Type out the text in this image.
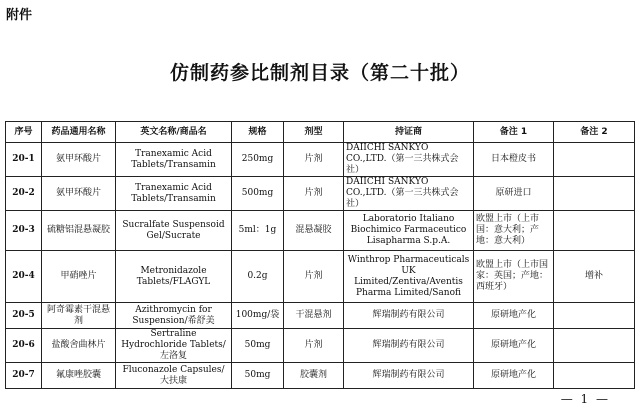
附件
仿制药参比制剂目录（第二十批）
序号	药品通用名称	英文名称/商品名	规格	剂型	持证商	备注 1	备注 2
20-1	氨甲环酸片	Tranexamic Acid Tablets/Transamin	250mg	片剂	DAIICHI SANKYO CO.,LTD.（第一三共株式会社）	日本橙皮书	
20-2	氨甲环酸片	Tranexamic Acid Tablets/Transamin	500mg	片剂	DAIICHI SANKYO CO.,LTD.（第一三共株式会社）	原研进口	
20-3	硫糖铝混悬凝胶	Sucralfate Suspensoid Gel/Sucrate	5ml：1g	混悬凝胶	Laboratorio Italiano Biochimico Farmaceutico Lisapharma S.p.A.	欧盟上市（上市国：意大利；产地：意大利）	
20-4	甲硝唑片	Metronidazole Tablets/FLAGYL	0.2g	片剂	Winthrop Pharmaceuticals UK Limited/Zentiva/Aventis Pharma Limited/Sanofi	欧盟上市（上市国家：英国；产地：西班牙）	增补
20-5	阿奇霉素干混悬剂	Azithromycin for Suspension/希舒美	100mg/袋	干混悬剂	辉瑞制药有限公司	原研地产化	
20-6	盐酸舍曲林片	Sertraline Hydrochloride Tablets/左洛复	50mg	片剂	辉瑞制药有限公司	原研地产化	
20-7	氟康唑胶囊	Fluconazole Capsules/大扶康	50mg	胶囊剂	辉瑞制药有限公司	原研地产化	
— 1 —
